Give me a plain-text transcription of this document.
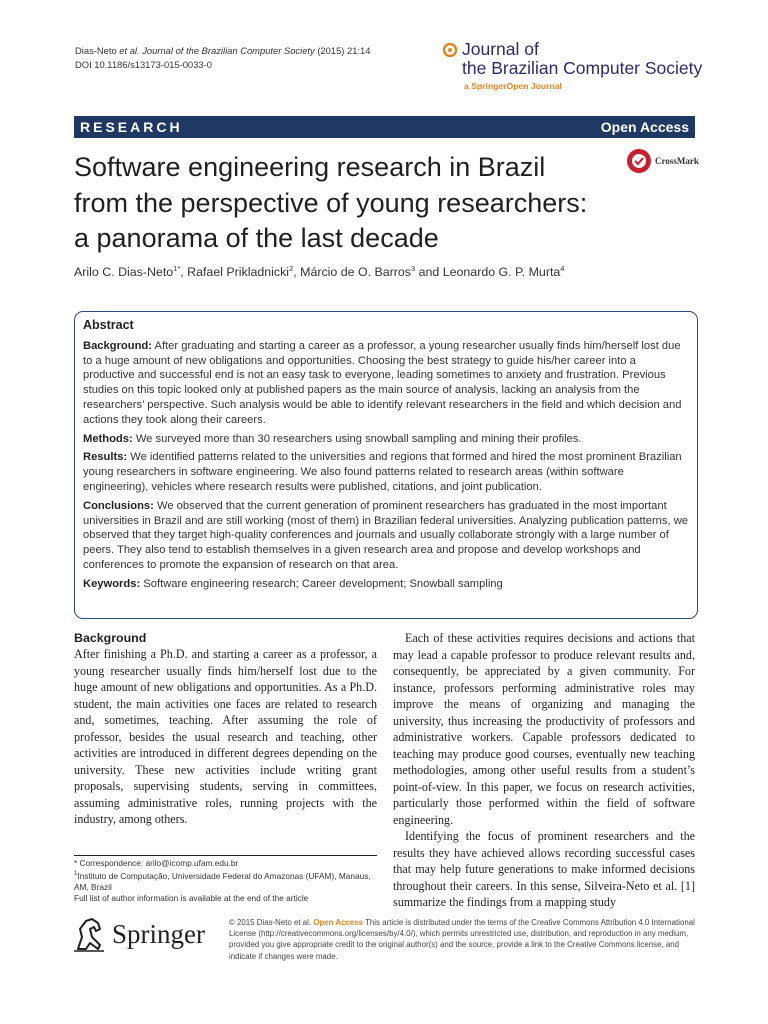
Dias-Neto et al. Journal of the Brazilian Computer Society (2015) 21:14
DOI 10.1186/s13173-015-0033-0
Journal of
the Brazilian Computer Society
a SpringerOpen Journal
RESEARCH	Open Access
Software engineering research in Brazil
from the perspective of young researchers:
a panorama of the last decade
CrossMark
Arilo C. Dias-Neto$^{1*}$, Rafael Prikladnicki$^2$, Márcio de O. Barros$^3$ and Leonardo G. P. Murta$^4$
Abstract

Background: After graduating and starting a career as a professor, a young researcher usually finds him/herself lost due to a huge amount of new obligations and opportunities. Choosing the best strategy to guide his/her career into a productive and successful end is not an easy task to everyone, leading sometimes to anxiety and frustration. Previous studies on this topic looked only at published papers as the main source of analysis, lacking an analysis from the researchers’ perspective. Such analysis would be able to identify relevant researchers in the field and which decision and actions they took along their careers.

Methods: We surveyed more than 30 researchers using snowball sampling and mining their profiles.

Results: We identified patterns related to the universities and regions that formed and hired the most prominent Brazilian young researchers in software engineering. We also found patterns related to research areas (within software engineering), vehicles where research results were published, citations, and joint publication.

Conclusions: We observed that the current generation of prominent researchers has graduated in the most important universities in Brazil and are still working (most of them) in Brazilian federal universities. Analyzing publication patterns, we observed that they target high-quality conferences and journals and usually collaborate strongly with a large number of peers. They also tend to establish themselves in a given research area and propose and develop workshops and conferences to promote the expansion of research on that area.

Keywords: Software engineering research; Career development; Snowball sampling

Background

After finishing a Ph.D. and starting a career as a professor, a young researcher usually finds him/herself lost due to the huge amount of new obligations and opportunities. As a Ph.D. student, the main activities one faces are related to research and, sometimes, teaching. After assuming the role of professor, besides the usual research and teaching, other activities are introduced in different degrees depending on the university. These new activities include writing grant proposals, supervising students, serving in committees, assuming administrative roles, running projects with the industry, among others.

Each of these activities requires decisions and actions that may lead a capable professor to produce relevant results and, consequently, be appreciated by a given community. For instance, professors performing administrative roles may improve the means of organizing and managing the university, thus increasing the productivity of professors and administrative workers. Capable professors dedicated to teaching may produce good courses, eventually new teaching methodologies, among other useful results from a student’s point-of-view. In this paper, we focus on research activities, particularly those performed within the field of software engineering.

Identifying the focus of prominent researchers and the results they have achieved allows recording successful cases that may help future generations to make informed decisions throughout their careers. In this sense, Silveira-Neto et al. [1] summarize the findings from a mapping study

* Correspondence: arilo@icomp.ufam.edu.br
$^1$Instituto de Computação, Universidade Federal do Amazonas (UFAM), Manaus, AM, Brazil
Full list of author information is available at the end of the article
Springer	© 2015 Dias-Neto et al. Open Access This article is distributed under the terms of the Creative Commons Attribution 4.0 International License (http://creativecommons.org/licenses/by/4.0/), which permits unrestricted use, distribution, and reproduction in any medium, provided you give appropriate credit to the original author(s) and the source, provide a link to the Creative Commons license, and indicate if changes were made.
